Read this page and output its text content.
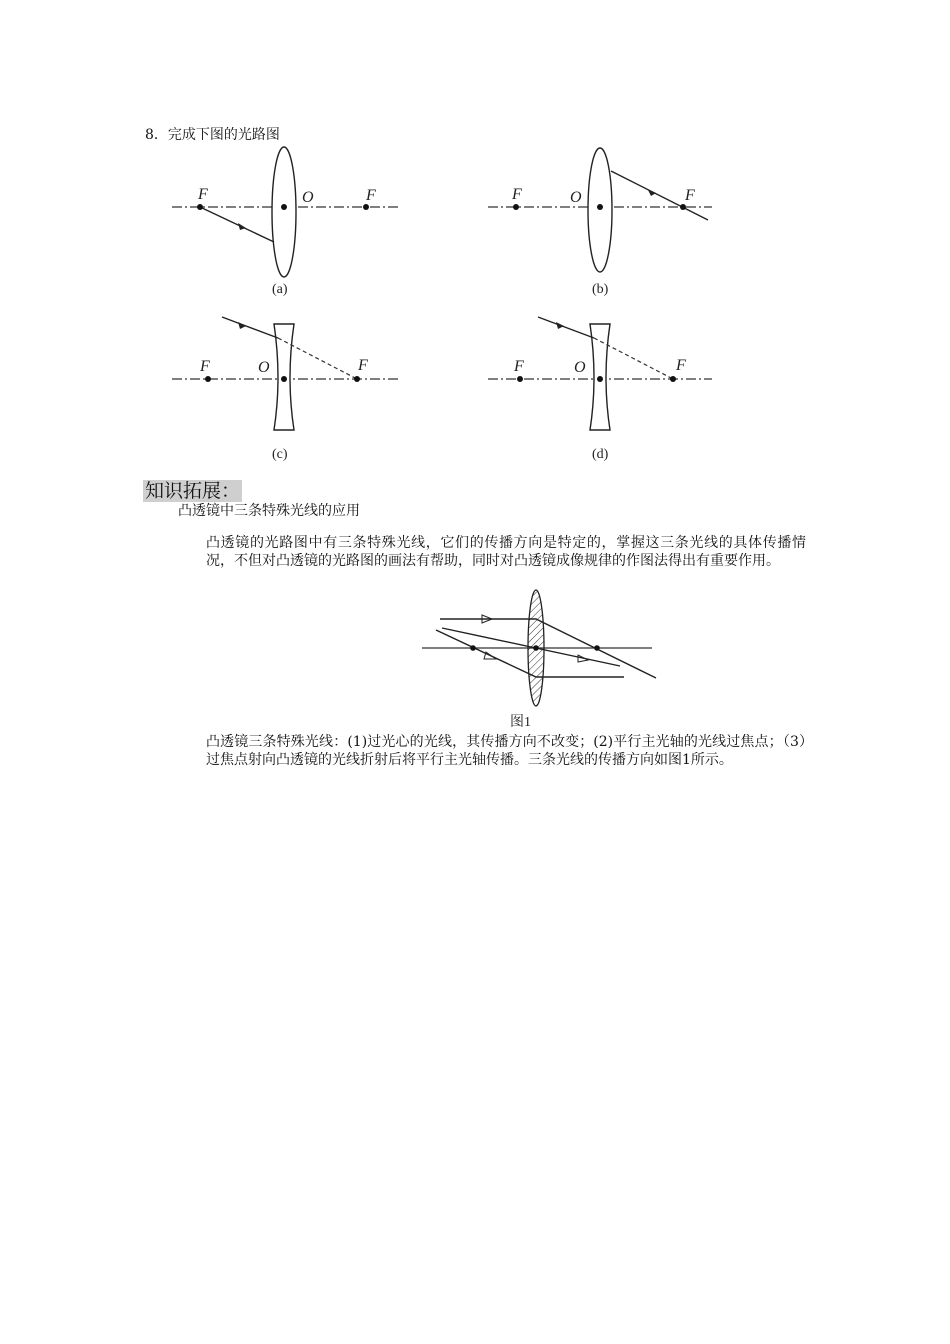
8．完成下图的光路图
F	O	F
(a)
F	O	F
(b)
F	O	F
(c)
F	O	F
(d)
知识拓展：
凸透镜中三条特殊光线的应用
凸透镜的光路图中有三条特殊光线，它们的传播方向是特定的，掌握这三条光线的具体传播情况，不但对凸透镜的光路图的画法有帮助，同时对凸透镜成像规律的作图法得出有重要作用。
图1
凸透镜三条特殊光线：(1)过光心的光线，其传播方向不改变；(2)平行主光轴的光线过焦点；（3）过焦点射向凸透镜的光线折射后将平行主光轴传播。三条光线的传播方向如图1所示。
